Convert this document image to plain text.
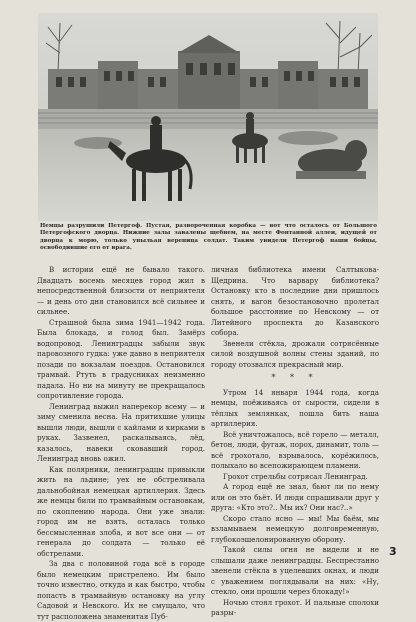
Немцы разрушили Петергоф. Пустая, развороченная коробка — вот что осталось от Большого Петергофского дворца. Нижние залы завалены щебнем, на месте Фонтанной аллеи, идущей от дворца к морю, только уныльая вереница солдат. Таким увидели Петергоф наши бойцы, освободившие его от врага.

В истории ещё не бывало такого. Двадцать восемь месяцев город жил в непосредственной близости от неприятеля — и день ото дня становился всё сильнее и сильнее.

Страшной была зима 1941—1942 года. Была блокада, и голод был. Замёрз водопровод. Ленинградцы забыли звук паровозного гудка: уже давно в неприятеля позади по вокзалам поездов. Остановился трамвай. Ртуть в градусниках неизменно падала. Но ни на минуту не прекращалось сопротивление города.

Ленинград выжил наперекор всему — и зиму сменила весна. На притихшие улицы вышли люди, вышли с кайлами и кирками в руках. Зазвенел, раскалываясь, лёд, казалось, навеки сковавший город. Ленинград вновь ожил.

Как полярники, ленинградцы привыкли жить на льдине; уех не обстреливала дальнобойная немецкая артиллерия. Здесь же немцы били по трамвайным остановкам, по скоплению народа. Они уже знали: город им не взять, осталась только бессмысленная злоба, и вот все они — от генерала до солдата — только её обстрелами.

За два с половиной года всё в городе было немецким пристрелено. Им было точно известно, откуда и как быстро, чтобы попасть в трамвайную остановку на углу Садовой и Невского. Их не смущало, что тут расположена знаменитая Пуб-

личная библиотека имени Салтыкова-Щедрина. Что варвару библиотека? Остановку кто в последние дни пришлось снять, и вагон безостановочно пролетал большое расстояние по Невскому — от Литейного проспекта до Казанского собора.

Звенели стёкла, дрожали сотрясённые силой воздушной волны стены зданий, по городу отозвался прекрасный мир.

* * *

Утром 14 января 1944 года, когда немцы, поёживаясь от сырости, сидели в тёплых землянках, пошла бить наша артиллерия.

Всё уничтожалось, всё горело — металл, бетон, люди, фугаж, порох, динамит, толь — всё грохотало, взрывалось, корёжилось, полыхало во всепожирающем пламени.

Грохот стрельбы сотрясал Ленинград.

А город ещё не знал, бьют ли по нему или он это бьёт. И люди спрашивали друг у друга: «Кто это?.. Мы их? Они нас?..»

Скоро стало ясно — мы! Мы бьём, мы взламываем немецкую долговременную, глубокоэшелонированную оборону.

Такой силы огня не видели и не слышали даже ленинградцы. Беспрестанно звенели стёкла в уцелевших окнах, и люди с уважением поглядывали на них: «Ну, стекло, они прошли через блокаду!»

Ночью стоял грохот. И пальные сполохи разры-

3
